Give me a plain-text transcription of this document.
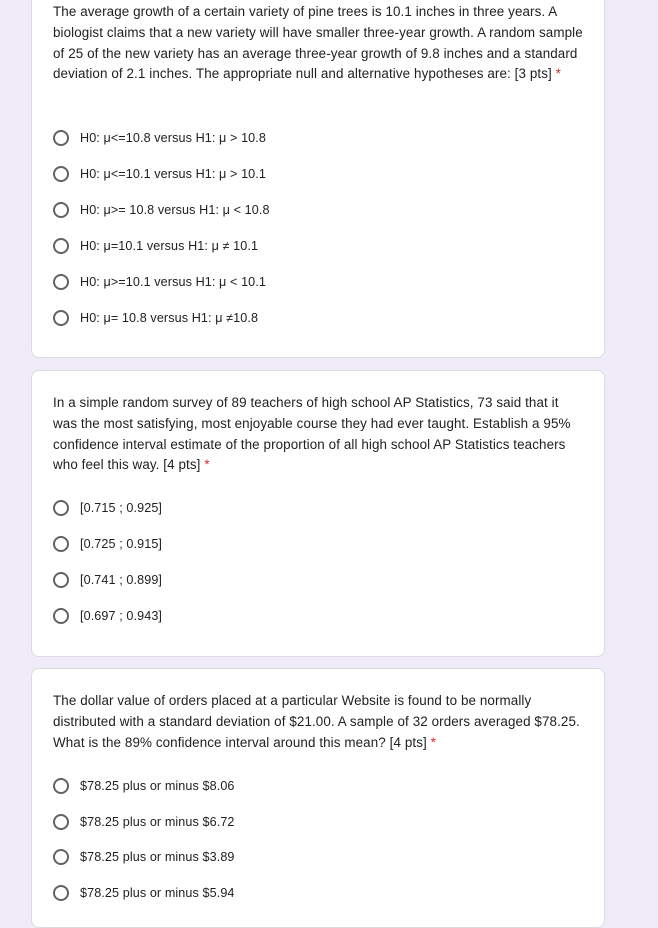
The average growth of a certain variety of pine trees is 10.1 inches in three years. A biologist claims that a new variety will have smaller three-year growth. A random sample of 25 of the new variety has an average three-year growth of 9.8 inches and a standard deviation of 2.1 inches. The appropriate null and alternative hypotheses are: [3 pts] *
H0: μ<=10.8 versus H1: μ > 10.8
H0: μ<=10.1 versus H1: μ > 10.1
H0: μ>= 10.8 versus H1: μ < 10.8
H0: μ=10.1 versus H1: μ ≠ 10.1
H0: μ>=10.1 versus H1: μ < 10.1
H0: μ= 10.8 versus H1: μ ≠10.8
In a simple random survey of 89 teachers of high school AP Statistics, 73 said that it was the most satisfying, most enjoyable course they had ever taught. Establish a 95% confidence interval estimate of the proportion of all high school AP Statistics teachers who feel this way. [4 pts] *
[0.715 ; 0.925]
[0.725 ; 0.915]
[0.741 ; 0.899]
[0.697 ; 0.943]
The dollar value of orders placed at a particular Website is found to be normally distributed with a standard deviation of $21.00. A sample of 32 orders averaged $78.25. What is the 89% confidence interval around this mean? [4 pts] *
$78.25 plus or minus $8.06
$78.25 plus or minus $6.72
$78.25 plus or minus $3.89
$78.25 plus or minus $5.94
